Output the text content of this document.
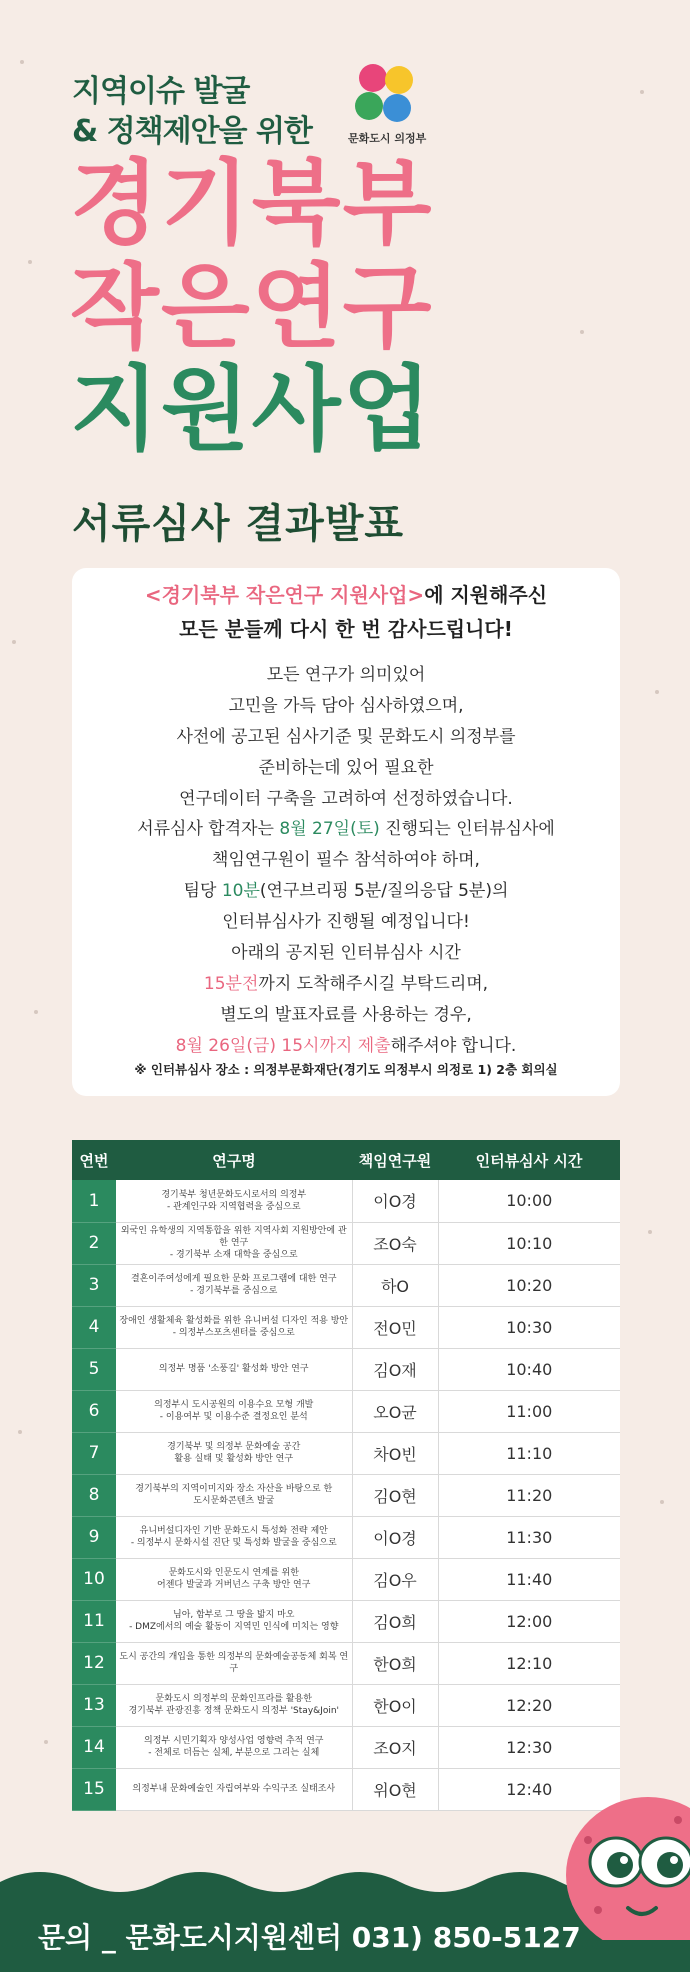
지역이슈 발굴
& 정책제안을 위한	문화도시 의정부
경기북부
작은연구
지원사업
서류심사 결과발표
<경기북부 작은연구 지원사업>에 지원해주신
모든 분들께 다시 한 번 감사드립니다!
모든 연구가 의미있어
고민을 가득 담아 심사하였으며,
사전에 공고된 심사기준 및 문화도시 의정부를
준비하는데 있어 필요한
연구데이터 구축을 고려하여 선정하였습니다.
서류심사 합격자는 8월 27일(토) 진행되는 인터뷰심사에
책임연구원이 필수 참석하여야 하며,
팀당 10분(연구브리핑 5분/질의응답 5분)의
인터뷰심사가 진행될 예정입니다!
아래의 공지된 인터뷰심사 시간
15분전까지 도착해주시길 부탁드리며,
별도의 발표자료를 사용하는 경우,
8월 26일(금) 15시까지 제출해주셔야 합니다.
※ 인터뷰심사 장소 : 의정부문화재단(경기도 의정부시 의정로 1) 2층 회의실
연번	연구명	책임연구원	인터뷰심사 시간
1	경기북부 청년문화도시로서의 의정부
- 관계인구와 지역협력을 중심으로	이O경	10:00
2	외국인 유학생의 지역통합을 위한 지역사회 지원방안에 관한 연구
- 경기북부 소재 대학을 중심으로	조O숙	10:10
3	결혼이주여성에게 필요한 문화 프로그램에 대한 연구
- 경기북부를 중심으로	하O	10:20
4	장애인 생활체육 활성화를 위한 유니버설 디자인 적용 방안
- 의정부스포츠센터를 중심으로	전O민	10:30
5	의정부 명품 '소풍길' 활성화 방안 연구	김O재	10:40
6	의정부시 도시공원의 이용수요 모형 개발
- 이용여부 및 이용수준 결정요인 분석	오O균	11:00
7	경기북부 및 의정부 문화예술 공간
활용 실태 및 활성화 방안 연구	차O빈	11:10
8	경기북부의 지역이미지와 장소 자산을 바탕으로 한
도시문화콘텐츠 발굴	김O현	11:20
9	유니버설디자인 기반 문화도시 특성화 전략 제안
- 의정부시 문화시설 진단 및 특성화 발굴을 중심으로	이O경	11:30
10	문화도시와 인문도시 연계를 위한
어젠다 발굴과 거버넌스 구축 방안 연구	김O우	11:40
11	님아, 함부로 그 땅을 밟지 마오
- DMZ에서의 예술 활동이 지역민 인식에 미치는 영향	김O희	12:00
12	도시 공간의 개입을 통한 의정부의 문화예술공동체 회복 연구	한O희	12:10
13	문화도시 의정부의 문화인프라를 활용한
경기북부 관광진흥 정책 문화도시 의정부 'Stay&Join'	한O이	12:20
14	의정부 시민기획자 양성사업 영향력 추적 연구
- 전체로 더듬는 실체, 부분으로 그리는 실체	조O지	12:30
15	의정부내 문화예술인 자립여부와 수익구조 실태조사	위O현	12:40
문의 _ 문화도시지원센터 031) 850-5127
